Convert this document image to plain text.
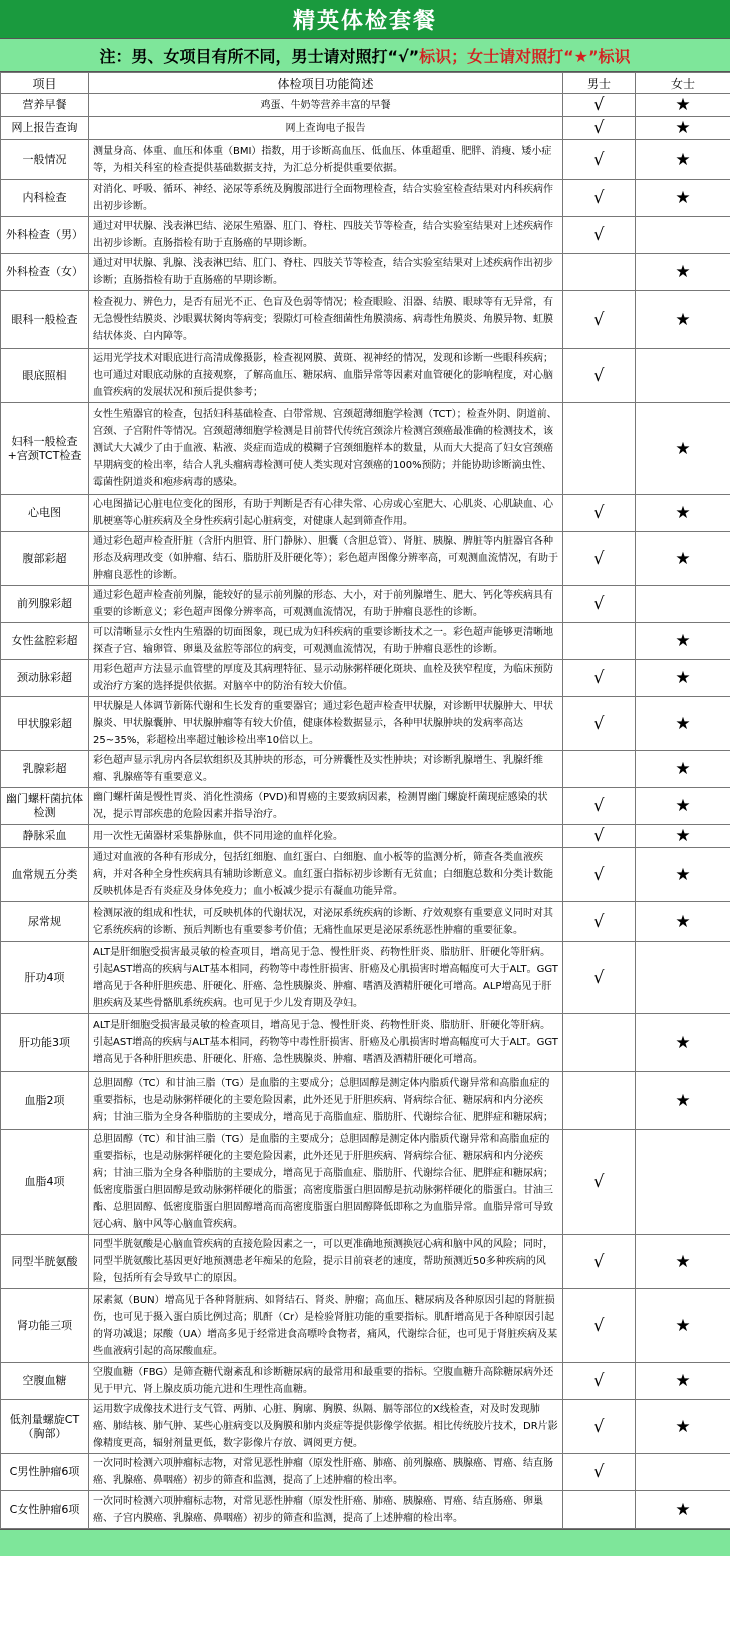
精英体检套餐
注：男、女项目有所不同，男士请对照打“√” 标识；女士请对照打“★”标识
项目	体检项目功能简述	男士	女士
营养早餐	鸡蛋、牛奶等营养丰富的早餐	√	★
网上报告查询	网上查询电子报告	√	★
一般情况	测量身高、体重、血压和体重（BMI）指数，用于诊断高血压、低血压、体重超重、肥胖、消瘦、矮小症等，为相关科室的检查提供基础数据支持，为汇总分析提供重要依据。	√	★
内科检查	对消化、呼吸、循环、神经、泌尿等系统及胸腹部进行全面物理检查，结合实验室检查结果对内科疾病作出初步诊断。	√	★
外科检查（男）	通过对甲状腺、浅表淋巴结、泌尿生殖器、肛门、脊柱、四肢关节等检查，结合实验室结果对上述疾病作出初步诊断。直肠指检有助于直肠癌的早期诊断。	√	
外科检查（女）	通过对甲状腺、乳腺、浅表淋巴结、肛门、脊柱、四肢关节等检查，结合实验室结果对上述疾病作出初步诊断；直肠指检有助于直肠癌的早期诊断。		★
眼科一般检查	检查视力、辨色力，是否有屈光不正、色盲及色弱等情况；检查眼睑、泪器、结膜、眼球等有无异常，有无急慢性结膜炎、沙眼翼状胬肉等病变；裂隙灯可检查细菌性角膜溃疡、病毒性角膜炎、角膜异物、虹膜结状体炎、白内障等。	√	★
眼底照相	运用光学技术对眼底进行高清成像摄影，检查视网膜、黄斑、视神经的情况，发现和诊断一些眼科疾病；也可通过对眼底动脉的直接观察，了解高血压、糖尿病、血脂异常等因素对血管硬化的影响程度，对心脑血管疾病的发展状况和预后提供参考；	√	
妇科一般检查+宫颈TCT检查	女性生殖器官的检查，包括妇科基础检查、白带常规、宫颈超薄细胞学检测（TCT）；检查外阴、阴道前、宫颈、子宫附件等情况。宫颈超薄细胞学检测是目前替代传统宫颈涂片检测宫颈癌最准确的检测技术，该测试大大减少了由于血液、粘液、炎症而造成的模糊子宫颈细胞样本的数量，从而大大提高了妇女宫颈癌早期病变的检出率，结合人乳头瘤病毒检测可使人类实现对宫颈癌的100%预防；并能协助诊断滴虫性、霉菌性阴道炎和疱疹病毒的感染。		★
心电图	心电图描记心脏电位变化的图形，有助于判断是否有心律失常、心房或心室肥大、心肌炎、心肌缺血、心肌梗塞等心脏疾病及全身性疾病引起心脏病变，对健康人起到筛查作用。	√	★
腹部彩超	通过彩色超声检查肝脏（含肝内胆管、肝门静脉）、胆囊（含胆总管）、肾脏、胰腺、脾脏等内脏器官各种形态及病理改变（如肿瘤、结石、脂肪肝及肝硬化等）；彩色超声图像分辨率高，可观测血流情况，有助于肿瘤良恶性的诊断。	√	★
前列腺彩超	通过彩色超声检查前列腺，能较好的显示前列腺的形态、大小，对于前列腺增生、肥大、钙化等疾病具有重要的诊断意义；彩色超声图像分辨率高，可观测血流情况，有助于肿瘤良恶性的诊断。	√	
女性盆腔彩超	可以清晰显示女性内生殖器的切面图象，现已成为妇科疾病的重要诊断技术之一。彩色超声能够更清晰地探查子宫、输卵管、卵巢及盆腔等部位的病变，可观测血流情况，有助于肿瘤良恶性的诊断。		★
颈动脉彩超	用彩色超声方法显示血管壁的厚度及其病理特征、显示动脉粥样硬化斑块、血栓及狭窄程度，为临床预防或治疗方案的选择提供依据。对脑卒中的防治有较大价值。	√	★
甲状腺彩超	甲状腺是人体调节新陈代谢和生长发育的重要器官；通过彩色超声检查甲状腺，对诊断甲状腺肿大、甲状腺炎、甲状腺囊肿、甲状腺肿瘤等有较大价值，健康体检数据显示，各种甲状腺肿块的发病率高达25~35%，彩超检出率超过触诊检出率10倍以上。	√	★
乳腺彩超	彩色超声显示乳房内各层软组织及其肿块的形态，可分辨囊性及实性肿块；对诊断乳腺增生、乳腺纤维瘤、乳腺癌等有重要意义。		★
幽门螺杆菌抗体检测	幽门螺杆菌是慢性胃炎、消化性溃疡（PVD)和胃癌的主要致病因素，检测胃幽门螺旋杆菌现症感染的状况，提示胃部疾患的危险因素并指导治疗。	√	★
静脉采血	用一次性无菌器材采集静脉血，供不同用途的血样化验。	√	★
血常规五分类	通过对血液的各种有形成分，包括红细胞、血红蛋白、白细胞、血小板等的监测分析，筛查各类血液疾病，并对各种全身性疾病具有辅助诊断意义。血红蛋白指标初步诊断有无贫血；白细胞总数和分类计数能反映机体是否有炎症及身体免疫力；血小板减少提示有凝血功能异常。	√	★
尿常规	检测尿液的组成和性状，可反映机体的代谢状况，对泌尿系统疾病的诊断、疗效观察有重要意义同时对其它系统疾病的诊断、预后判断也有重要参考价值；无痛性血尿更是泌尿系统恶性肿瘤的重要征象。	√	★
肝功4项	ALT是肝细胞受损害最灵敏的检查项目，增高见于急、慢性肝炎、药物性肝炎、脂肪肝、肝硬化等肝病。引起AST增高的疾病与ALT基本相同，药物等中毒性肝损害、肝癌及心肌损害时增高幅度可大于ALT。GGT增高见于各种肝胆疾患、肝硬化、肝癌、急性胰腺炎、肿瘤、嗜酒及酒精肝硬化可增高。ALP增高见于肝胆疾病及某些骨骼肌系统疾病。也可见于少儿发育期及孕妇。	√	
肝功能3项	ALT是肝细胞受损害最灵敏的检查项目，增高见于急、慢性肝炎、药物性肝炎、脂肪肝、肝硬化等肝病。引起AST增高的疾病与ALT基本相同，药物等中毒性肝损害、肝癌及心肌损害时增高幅度可大于ALT。GGT增高见于各种肝胆疾患、肝硬化、肝癌、急性胰腺炎、肿瘤、嗜酒及酒精肝硬化可增高。		★
血脂2项	总胆固醇（TC）和甘油三脂（TG）是血脂的主要成分；总胆固醇是测定体内脂质代谢异常和高脂血症的重要指标，也是动脉粥样硬化的主要危险因素，此外还见于肝胆疾病、肾病综合征、糖尿病和内分泌疾病；甘油三脂为全身各种脂肪的主要成分，增高见于高脂血症、脂肪肝、代谢综合征、肥胖症和糖尿病；		★
血脂4项	总胆固醇（TC）和甘油三脂（TG）是血脂的主要成分；总胆固醇是测定体内脂质代谢异常和高脂血症的重要指标，也是动脉粥样硬化的主要危险因素，此外还见于肝胆疾病、肾病综合征、糖尿病和内分泌疾病；甘油三脂为全身各种脂肪的主要成分，增高见于高脂血症、脂肪肝、代谢综合征、肥胖症和糖尿病；低密度脂蛋白胆固醇是致动脉粥样硬化的脂蛋；高密度脂蛋白胆固醇是抗动脉粥样硬化的脂蛋白。甘油三酯、总胆固醇、低密度脂蛋白胆固醇增高而高密度脂蛋白胆固醇降低即称之为血脂异常。血脂异常可导致冠心病、脑中风等心脑血管疾病。	√	
同型半胱氨酸	同型半胱氨酸是心脑血管疾病的直接危险因素之一，可以更准确地预测换冠心病和脑中风的风险；同时，同型半胱氨酸比基因更好地预测患老年痴呆的危险，提示目前衰老的速度，帮助预测近50多种疾病的风险，包括所有会导致早亡的原因。	√	★
肾功能三项	尿素氮（BUN）增高见于各种肾脏病、如肾结石、肾炎、肿瘤；高血压、糖尿病及各种原因引起的肾脏损伤，也可见于摄入蛋白质比例过高；肌酐（Cr）是检验肾脏功能的重要指标。肌酐增高见于各种原因引起的肾功减退；尿酸（UA）增高多见于经常进食高嘌呤食物者，痛风，代谢综合征，也可见于肾脏疾病及某些血液病引起的高尿酸血症。	√	★
空腹血糖	空腹血糖（FBG）是筛查糖代谢紊乱和诊断糖尿病的最常用和最重要的指标。空腹血糖升高除糖尿病外还见于甲亢、肾上腺皮质功能亢进和生理性高血糖。	√	★
低剂量螺旋CT（胸部）	运用数字成像技术进行支气管、两肺、心脏、胸廓、胸膜、纵隔、膈等部位的X线检查，对及时发现肺癌、肺结核、肺气肿、某些心脏病变以及胸膜和肺内炎症等提供影像学依据。相比传统胶片技术，DR片影像精度更高，辐射剂量更低，数字影像片存放、调阅更方便。	√	★
C男性肿瘤6项	一次同时检测六项肿瘤标志物，对常见恶性肿瘤（原发性肝癌、肺癌、前列腺癌、胰腺癌、胃癌、结直肠癌、乳腺癌、鼻咽癌）初步的筛查和监测，提高了上述肿瘤的检出率。	√	
C女性肿瘤6项	一次同时检测六项肿瘤标志物，对常见恶性肿瘤（原发性肝癌、肺癌、胰腺癌、胃癌、结直肠癌、卵巢癌、子宫内膜癌、乳腺癌、鼻咽癌）初步的筛查和监测，提高了上述肿瘤的检出率。		★
